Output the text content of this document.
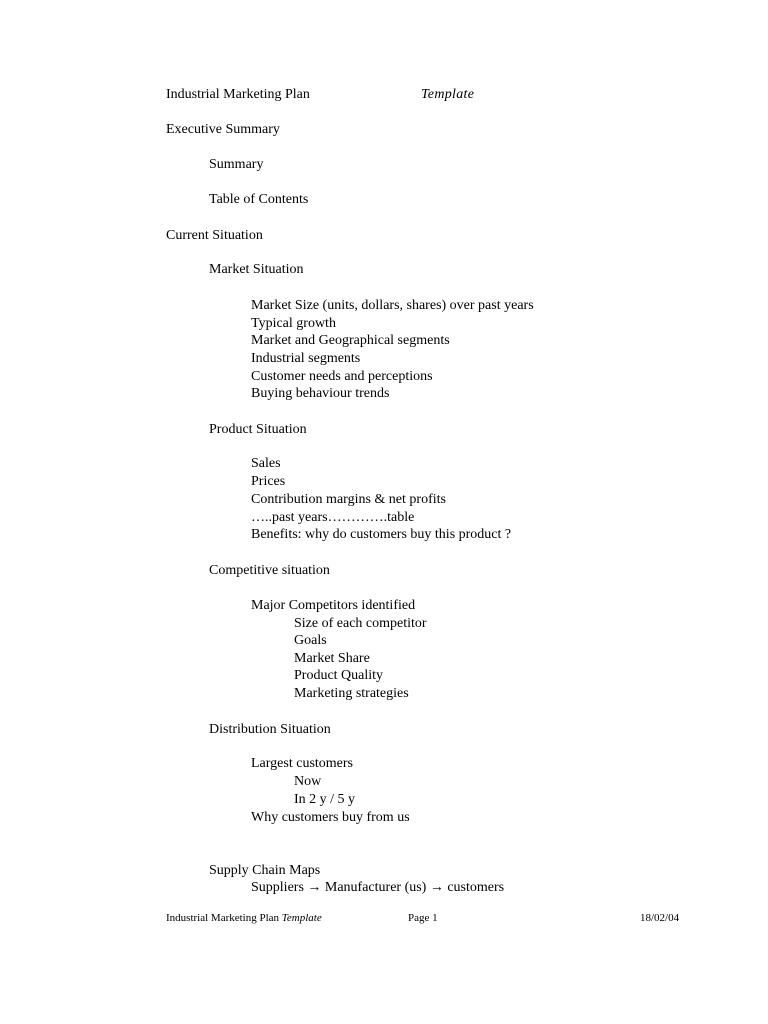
Industrial Marketing Plan	Template
Executive Summary
Summary
Table of Contents
Current Situation
Market Situation
Market Size (units, dollars, shares) over past years
Typical growth
Market and Geographical segments
Industrial segments
Customer needs and perceptions
Buying behaviour trends
Product Situation
Sales
Prices
Contribution margins & net profits
…..past years………….table
Benefits: why do customers buy this product ?
Competitive situation
Major Competitors identified
Size of each competitor
Goals
Market Share
Product Quality
Marketing strategies
Distribution Situation
Largest customers
Now
In 2 y / 5 y
Why customers buy from us
Supply Chain Maps
Suppliers → Manufacturer (us) → customers
Industrial Marketing Plan Template	Page 1	18/02/04
